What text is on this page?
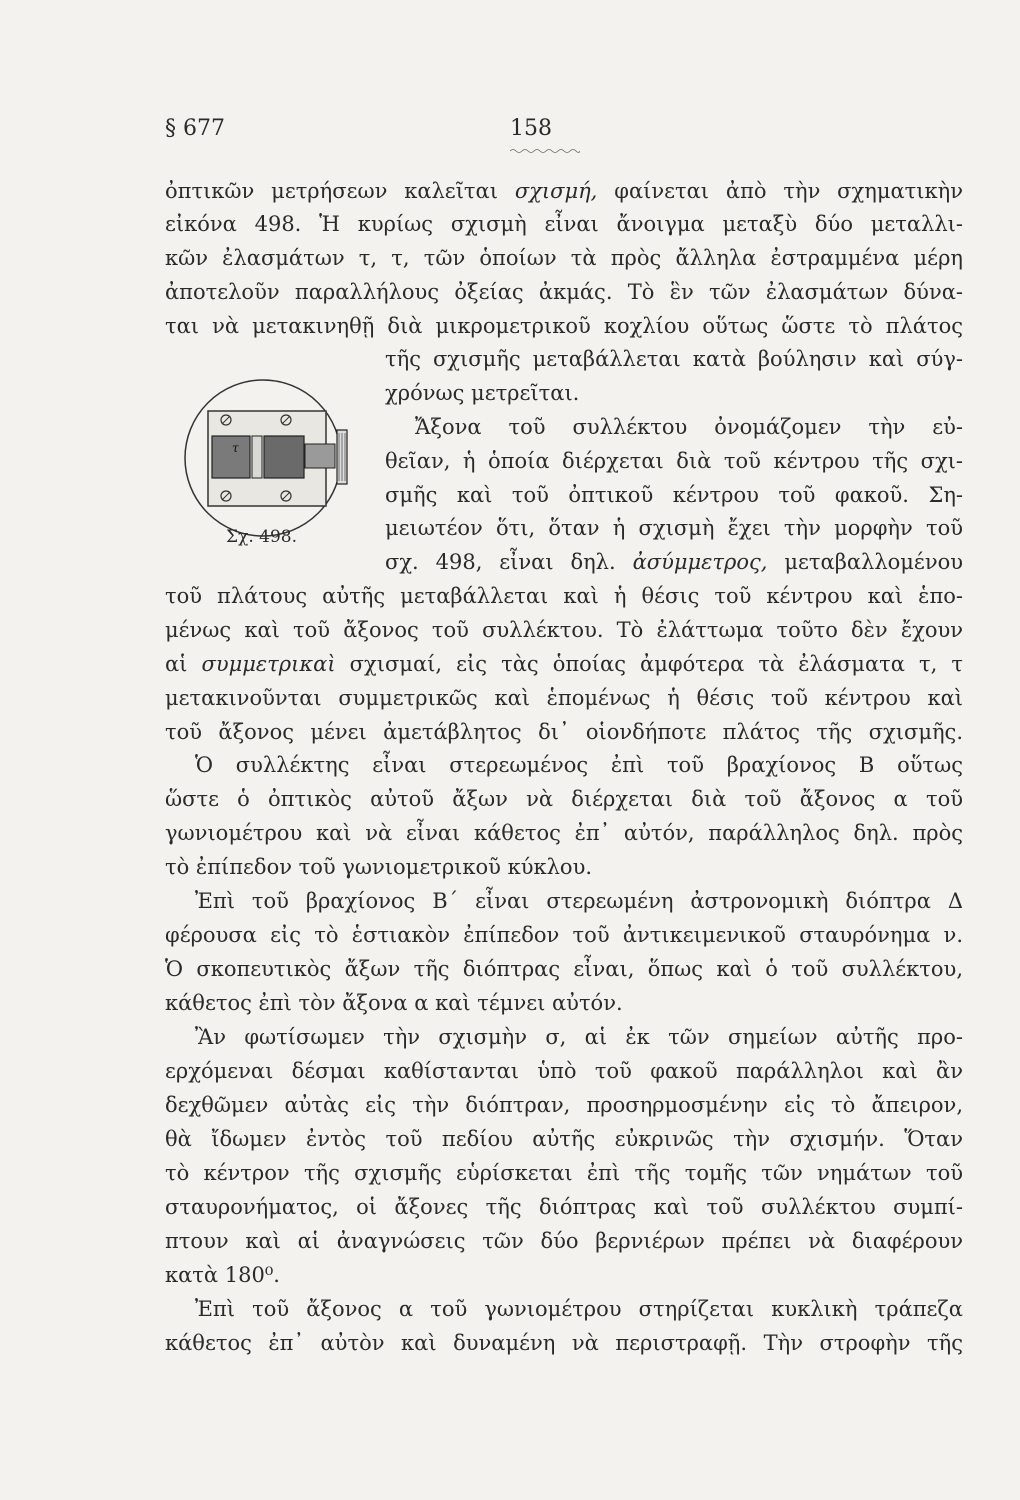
§ 677	158
ὀπτικῶν μετρήσεων καλεῖται σχισμή, φαίνεται ἀπὸ τὴν σχηματικὴν
εἰκόνα 498. Ἡ κυρίως σχισμὴ εἶναι ἄνοιγμα μεταξὺ δύο μεταλλι-
κῶν ἐλασμάτων τ, τ, τῶν ὁποίων τὰ πρὸς ἄλληλα ἐστραμμένα μέρη
ἀποτελοῦν παραλλήλους ὀξείας ἀκμάς. Τὸ ἓν τῶν ἐλασμάτων δύνα-
ται νὰ μετακινηθῇ διὰ μικρομετρικοῦ κοχλίου οὕτως ὥστε τὸ πλάτος
τῆς σχισμῆς μεταβάλλεται κατὰ βούλησιν καὶ σύγ-
χρόνως μετρεῖται.
Ἄξονα τοῦ συλλέκτου ὀνομάζομεν τὴν εὐ-
θεῖαν, ἡ ὁποία διέρχεται διὰ τοῦ κέντρου τῆς σχι-
σμῆς καὶ τοῦ ὀπτικοῦ κέντρου τοῦ φακοῦ. Ση-
μειωτέον ὅτι, ὅταν ἡ σχισμὴ ἔχει τὴν μορφὴν τοῦ
σχ. 498, εἶναι δηλ. ἀσύμμετρος, μεταβαλλομένου
τ
Σχ. 498.
τοῦ πλάτους αὐτῆς μεταβάλλεται καὶ ἡ θέσις τοῦ κέντρου καὶ ἑπο-
μένως καὶ τοῦ ἄξονος τοῦ συλλέκτου. Τὸ ἐλάττωμα τοῦτο δὲν ἔχουν
αἱ συμμετρικαὶ σχισμαί, εἰς τὰς ὁποίας ἀμφότερα τὰ ἐλάσματα τ, τ
μετακινοῦνται συμμετρικῶς καὶ ἑπομένως ἡ θέσις τοῦ κέντρου καὶ
τοῦ ἄξονος μένει ἀμετάβλητος δι᾽ οἱονδήποτε πλάτος τῆς σχισμῆς.
Ὁ συλλέκτης εἶναι στερεωμένος ἐπὶ τοῦ βραχίονος Β οὕτως
ὥστε ὁ ὀπτικὸς αὐτοῦ ἄξων νὰ διέρχεται διὰ τοῦ ἄξονος α τοῦ
γωνιομέτρου καὶ νὰ εἶναι κάθετος ἐπ᾽ αὐτόν, παράλληλος δηλ. πρὸς
τὸ ἐπίπεδον τοῦ γωνιομετρικοῦ κύκλου.
Ἐπὶ τοῦ βραχίονος Β΄ εἶναι στερεωμένη ἀστρονομικὴ διόπτρα Δ
φέρουσα εἰς τὸ ἑστιακὸν ἐπίπεδον τοῦ ἀντικειμενικοῦ σταυρόνημα ν.
Ὁ σκοπευτικὸς ἄξων τῆς διόπτρας εἶναι, ὅπως καὶ ὁ τοῦ συλλέκτου,
κάθετος ἐπὶ τὸν ἄξονα α καὶ τέμνει αὐτόν.
Ἂν φωτίσωμεν τὴν σχισμὴν σ, αἱ ἐκ τῶν σημείων αὐτῆς προ-
ερχόμεναι δέσμαι καθίστανται ὑπὸ τοῦ φακοῦ παράλληλοι καὶ ἂν
δεχθῶμεν αὐτὰς εἰς τὴν διόπτραν, προσηρμοσμένην εἰς τὸ ἄπειρον,
θὰ ἴδωμεν ἐντὸς τοῦ πεδίου αὐτῆς εὐκρινῶς τὴν σχισμήν. Ὅταν
τὸ κέντρον τῆς σχισμῆς εὑρίσκεται ἐπὶ τῆς τομῆς τῶν νημάτων τοῦ
σταυρονήματος, οἱ ἄξονες τῆς διόπτρας καὶ τοῦ συλλέκτου συμπί-
πτουν καὶ αἱ ἀναγνώσεις τῶν δύο βερνιέρων πρέπει νὰ διαφέρουν
κατὰ 180⁰.
Ἐπὶ τοῦ ἄξονος α τοῦ γωνιομέτρου στηρίζεται κυκλικὴ τράπεζα
κάθετος ἐπ᾽ αὐτὸν καὶ δυναμένη νὰ περιστραφῇ. Τὴν στροφὴν τῆς
